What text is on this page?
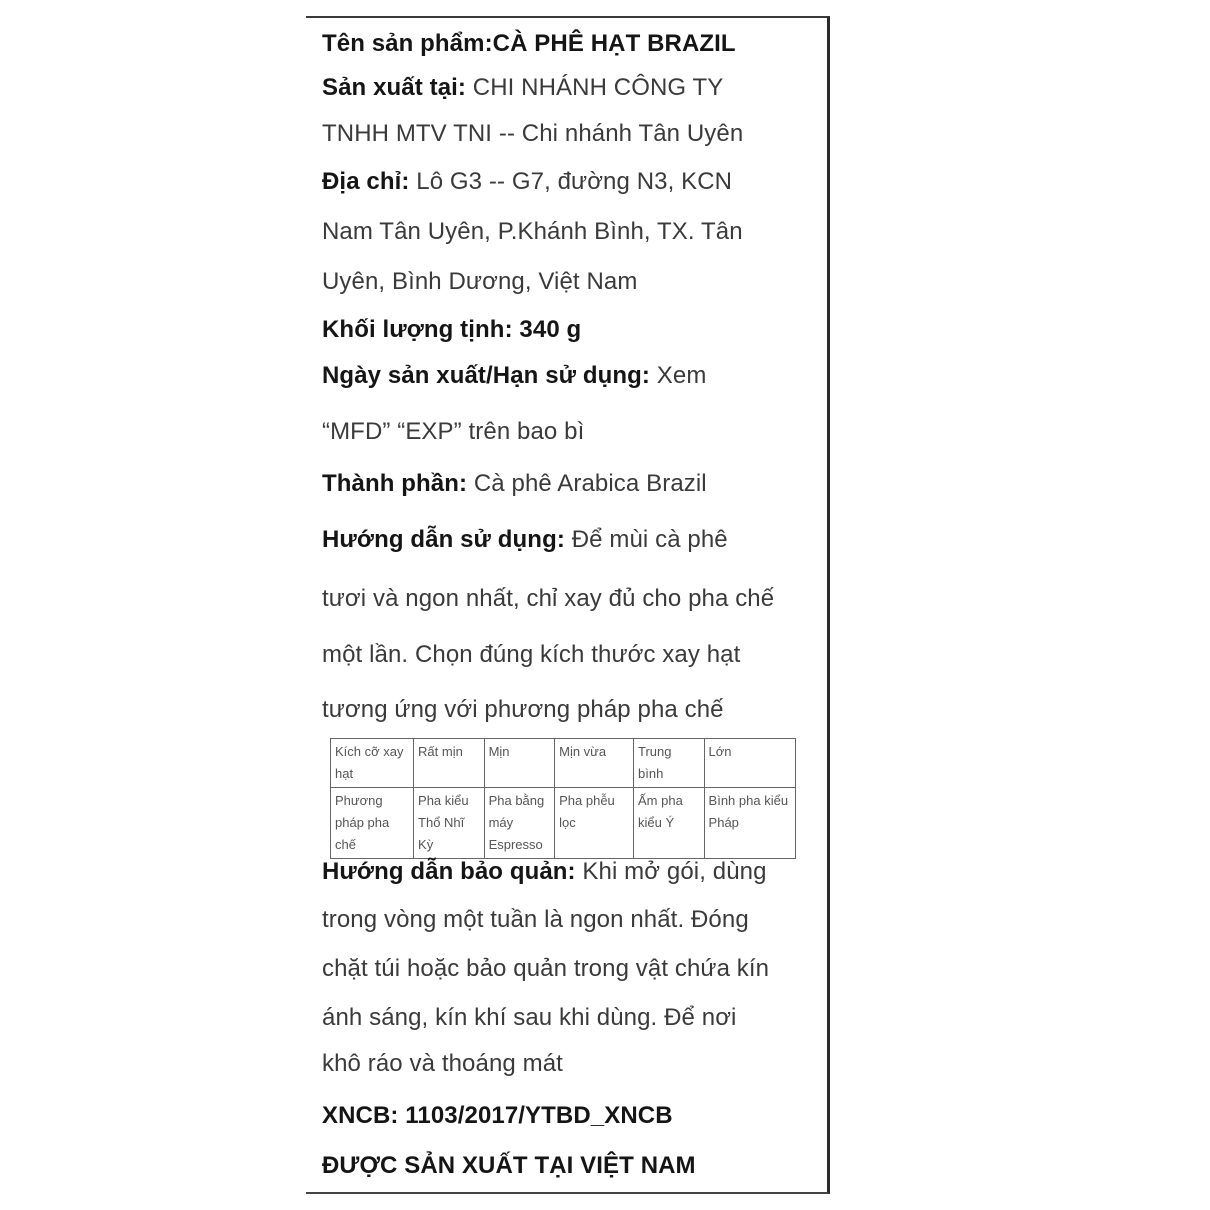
Tên sản phẩm:CÀ PHÊ HẠT BRAZIL
Sản xuất tại: CHI NHÁNH CÔNG TY
TNHH MTV TNI -- Chi nhánh Tân Uyên
Địa chỉ: Lô G3 -- G7, đường N3, KCN
Nam Tân Uyên, P.Khánh Bình, TX. Tân
Uyên, Bình Dương, Việt Nam
Khối lượng tịnh: 340 g
Ngày sản xuất/Hạn sử dụng: Xem
“MFD” “EXP” trên bao bì
Thành phần: Cà phê Arabica Brazil
Hướng dẫn sử dụng: Để mùi cà phê
tươi và ngon nhất, chỉ xay đủ cho pha chế
một lần. Chọn đúng kích thước xay hạt
tương ứng với phương pháp pha chế
Kích cỡ xay hạt	Rất mịn	Mịn	Mịn vừa	Trung bình	Lớn
Phương pháp pha chế	Pha kiểu Thổ Nhĩ Kỳ	Pha bằng máy Espresso	Pha phễu lọc	Ấm pha kiểu Ý	Bình pha kiểu Pháp
Hướng dẫn bảo quản: Khi mở gói, dùng
trong vòng một tuần là ngon nhất. Đóng
chặt túi hoặc bảo quản trong vật chứa kín
ánh sáng, kín khí sau khi dùng. Để nơi
khô ráo và thoáng mát
XNCB: 1103/2017/YTBD_XNCB
ĐƯỢC SẢN XUẤT TẠI VIỆT NAM
